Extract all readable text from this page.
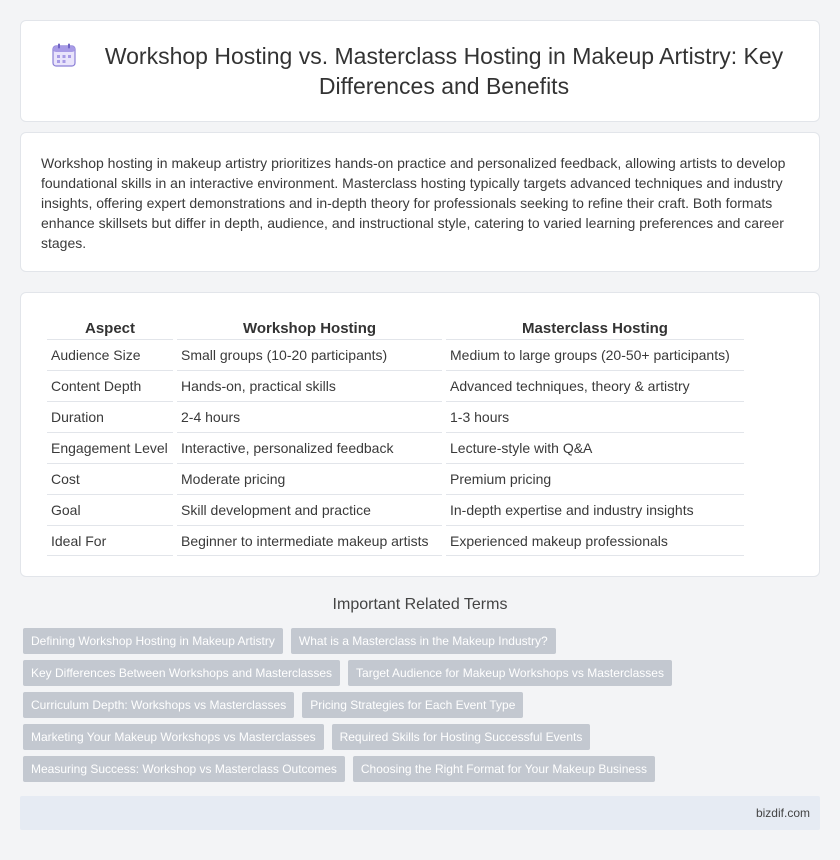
Workshop Hosting vs. Masterclass Hosting in Makeup Artistry: Key Differences and Benefits

Workshop hosting in makeup artistry prioritizes hands-on practice and personalized feedback, allowing artists to develop foundational skills in an interactive environment. Masterclass hosting typically targets advanced techniques and industry insights, offering expert demonstrations and in-depth theory for professionals seeking to refine their craft. Both formats enhance skillsets but differ in depth, audience, and instructional style, catering to varied learning preferences and career stages.

Aspect	Workshop Hosting	Masterclass Hosting
Audience Size	Small groups (10-20 participants)	Medium to large groups (20-50+ participants)
Content Depth	Hands-on, practical skills	Advanced techniques, theory & artistry
Duration	2-4 hours	1-3 hours
Engagement Level	Interactive, personalized feedback	Lecture-style with Q&A
Cost	Moderate pricing	Premium pricing
Goal	Skill development and practice	In-depth expertise and industry insights
Ideal For	Beginner to intermediate makeup artists	Experienced makeup professionals
Important Related Terms
Defining Workshop Hosting in Makeup Artistry	What is a Masterclass in the Makeup Industry?
Key Differences Between Workshops and Masterclasses	Target Audience for Makeup Workshops vs Masterclasses
Curriculum Depth: Workshops vs Masterclasses	Pricing Strategies for Each Event Type
Marketing Your Makeup Workshops vs Masterclasses	Required Skills for Hosting Successful Events
Measuring Success: Workshop vs Masterclass Outcomes	Choosing the Right Format for Your Makeup Business
bizdif.com
